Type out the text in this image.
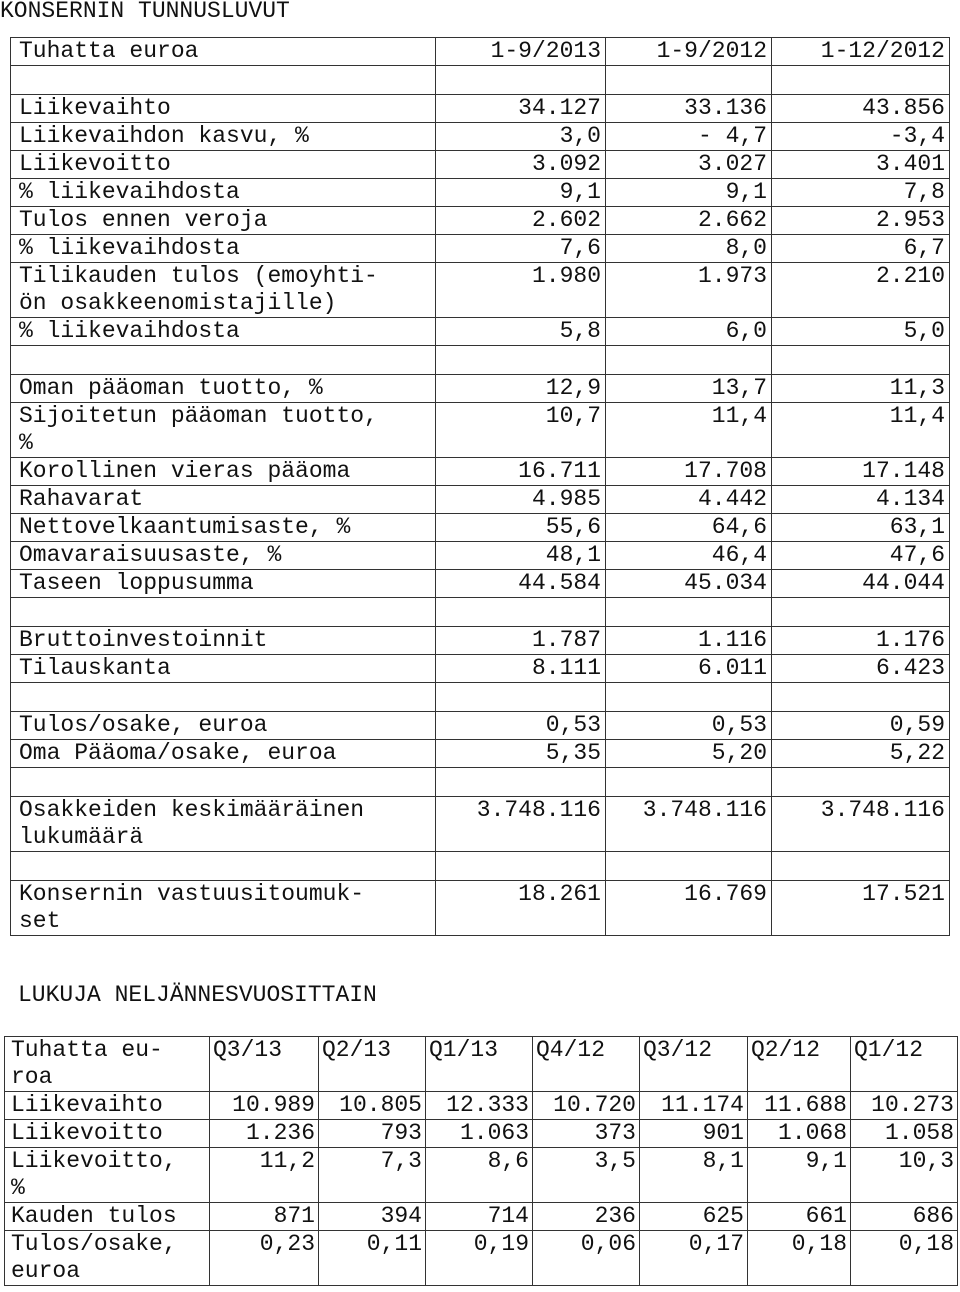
KONSERNIN TUNNUSLUVUT
Tuhatta euroa	1-9/2013	1-9/2012	1-12/2012

Liikevaihto	34.127	33.136	43.856
Liikevaihdon kasvu, %	3,0	- 4,7	-3,4
Liikevoitto	3.092	3.027	3.401
% liikevaihdosta	9,1	9,1	7,8
Tulos ennen veroja	2.602	2.662	2.953
% liikevaihdosta	7,6	8,0	6,7
Tilikauden tulos (emoyhti-
ön osakkeenomistajille)	1.980	1.973	2.210
% liikevaihdosta	5,8	6,0	5,0

Oman pääoman tuotto, %	12,9	13,7	11,3
Sijoitetun pääoman tuotto,
%	10,7	11,4	11,4
Korollinen vieras pääoma	16.711	17.708	17.148
Rahavarat	4.985	4.442	4.134
Nettovelkaantumisaste, %	55,6	64,6	63,1
Omavaraisuusaste, %	48,1	46,4	47,6
Taseen loppusumma	44.584	45.034	44.044

Bruttoinvestoinnit	1.787	1.116	1.176
Tilauskanta	8.111	6.011	6.423

Tulos/osake, euroa	0,53	0,53	0,59
Oma Pääoma/osake, euroa	5,35	5,20	5,22

Osakkeiden keskimääräinen
lukumäärä	3.748.116	3.748.116	3.748.116

Konsernin vastuusitoumuk-
set	18.261	16.769	17.521
LUKUJA NELJÄNNESVUOSITTAIN
Tuhatta eu-
roa	Q3/13	Q2/13	Q1/13	Q4/12	Q3/12	Q2/12	Q1/12
Liikevaihto	10.989	10.805	12.333	10.720	11.174	11.688	10.273
Liikevoitto	1.236	793	1.063	373	901	1.068	1.058
Liikevoitto,
%	11,2	7,3	8,6	3,5	8,1	9,1	10,3
Kauden tulos	871	394	714	236	625	661	686
Tulos/osake,
euroa	0,23	0,11	0,19	0,06	0,17	0,18	0,18
